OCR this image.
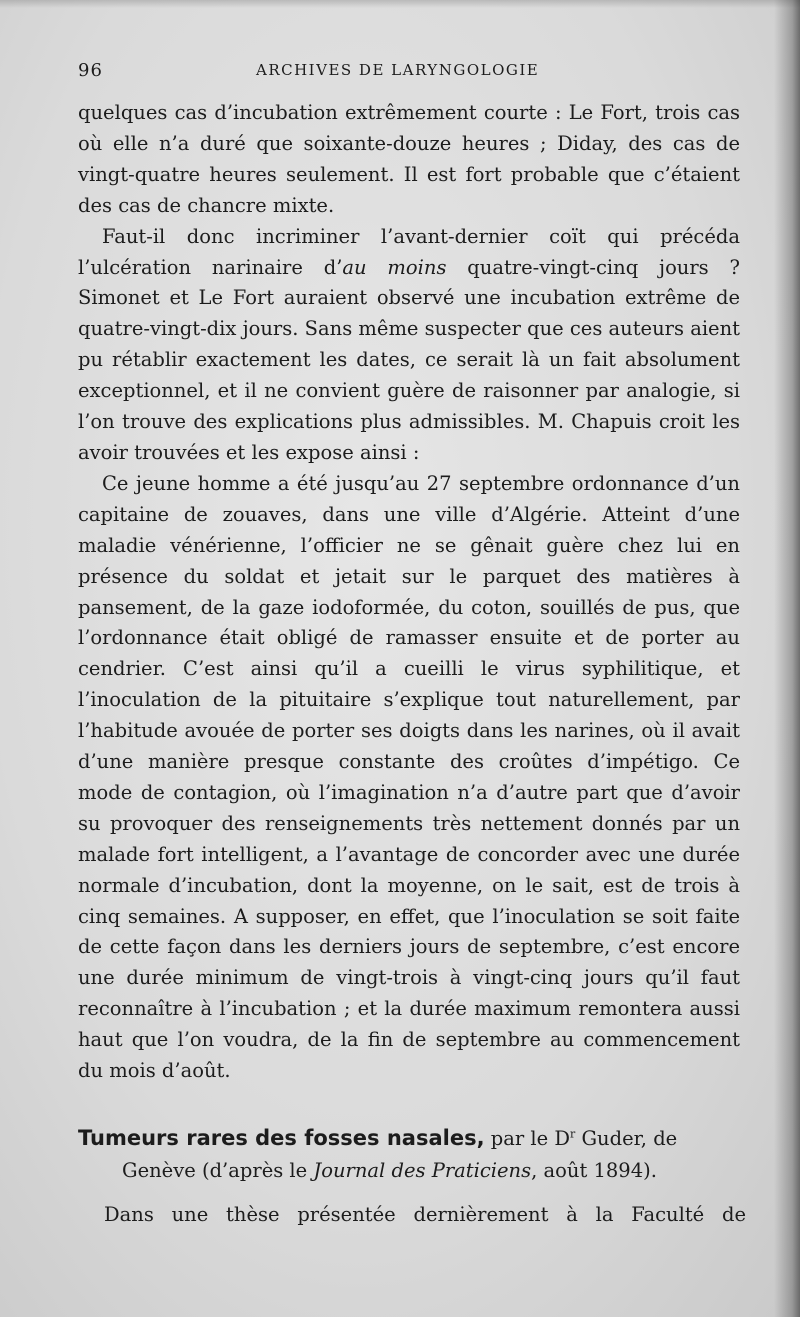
96	ARCHIVES DE LARYNGOLOGIE

quelques cas d’incubation extrêmement courte : Le Fort, trois cas où elle n’a duré que soixante-douze heures ; Diday, des cas de vingt-quatre heures seulement. Il est fort probable que c’étaient des cas de chancre mixte.

Faut-il donc incriminer l’avant-dernier coït qui précéda l’ulcération narinaire d’au moins quatre-vingt-cinq jours ? Simonet et Le Fort auraient observé une incubation extrême de quatre-vingt-dix jours. Sans même suspecter que ces auteurs aient pu rétablir exactement les dates, ce serait là un fait absolument exceptionnel, et il ne convient guère de raisonner par analogie, si l’on trouve des explications plus admissibles. M. Chapuis croit les avoir trouvées et les expose ainsi :

Ce jeune homme a été jusqu’au 27 septembre ordonnance d’un capitaine de zouaves, dans une ville d’Algérie. Atteint d’une maladie vénérienne, l’officier ne se gênait guère chez lui en présence du soldat et jetait sur le parquet des matières à pansement, de la gaze iodoformée, du coton, souillés de pus, que l’ordonnance était obligé de ramasser ensuite et de porter au cendrier. C’est ainsi qu’il a cueilli le virus syphilitique, et l’inoculation de la pituitaire s’explique tout naturellement, par l’habitude avouée de porter ses doigts dans les narines, où il avait d’une manière presque constante des croûtes d’impétigo. Ce mode de contagion, où l’imagination n’a d’autre part que d’avoir su provoquer des renseignements très nettement donnés par un malade fort intelligent, a l’avantage de concorder avec une durée normale d’incubation, dont la moyenne, on le sait, est de trois à cinq semaines. A supposer, en effet, que l’inoculation se soit faite de cette façon dans les derniers jours de septembre, c’est encore une durée minimum de vingt-trois à vingt-cinq jours qu’il faut reconnaître à l’incubation ; et la durée maximum remontera aussi haut que l’on voudra, de la fin de septembre au commencement du mois d’août.

Tumeurs rares des fosses nasales, par le $D^r$ Guder, de
Genève (d’après le Journal des Praticiens, août 1894).
Dans une thèse présentée dernièrement à la Faculté de
